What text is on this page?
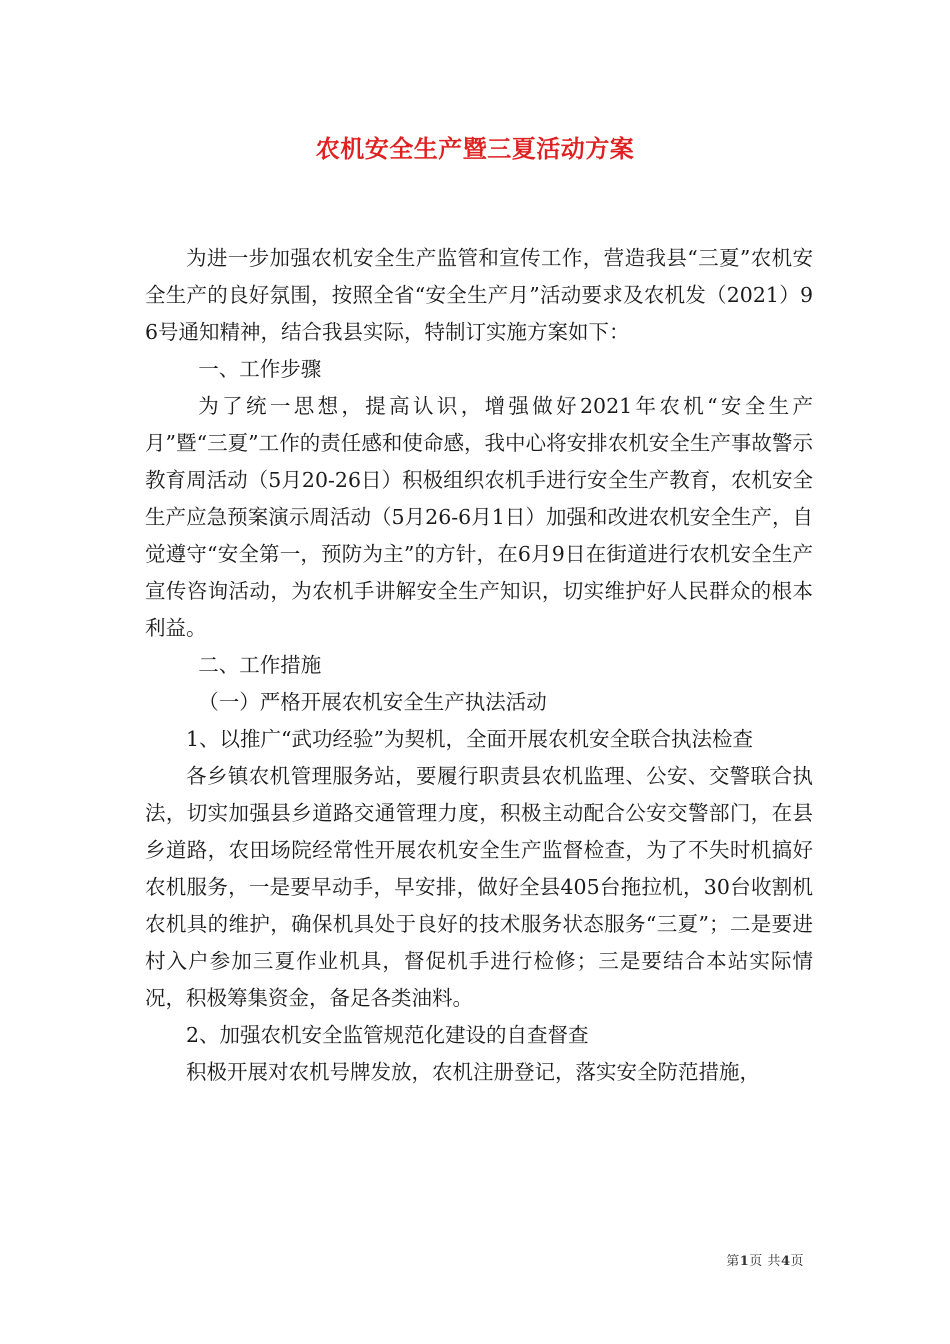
农机安全生产暨三夏活动方案

为进一步加强农机安全生产监管和宣传工作，营造我县“三夏”农机安全生产的良好氛围，按照全省“安全生产月”活动要求及农机发（2021）96号通知精神，结合我县实际，特制订实施方案如下：

一、工作步骤

为了统一思想，提高认识，增强做好2021年农机“安全生产月”暨“三夏”工作的责任感和使命感，我中心将安排农机安全生产事故警示教育周活动（5月20-26日）积极组织农机手进行安全生产教育，农机安全生产应急预案演示周活动（5月26-6月1日）加强和改进农机安全生产，自觉遵守“安全第一，预防为主”的方针，在6月9日在街道进行农机安全生产宣传咨询活动，为农机手讲解安全生产知识，切实维护好人民群众的根本利益。

二、工作措施

（一）严格开展农机安全生产执法活动

1、以推广“武功经验”为契机，全面开展农机安全联合执法检查

各乡镇农机管理服务站，要履行职责县农机监理、公安、交警联合执法，切实加强县乡道路交通管理力度，积极主动配合公安交警部门，在县乡道路，农田场院经常性开展农机安全生产监督检查，为了不失时机搞好农机服务，一是要早动手，早安排，做好全县405台拖拉机，30台收割机农机具的维护，确保机具处于良好的技术服务状态服务“三夏”；二是要进村入户参加三夏作业机具，督促机手进行检修；三是要结合本站实际情况，积极筹集资金，备足各类油料。

2、加强农机安全监管规范化建设的自查督查

积极开展对农机号牌发放，农机注册登记，落实安全防范措施，

第1页 共4页
